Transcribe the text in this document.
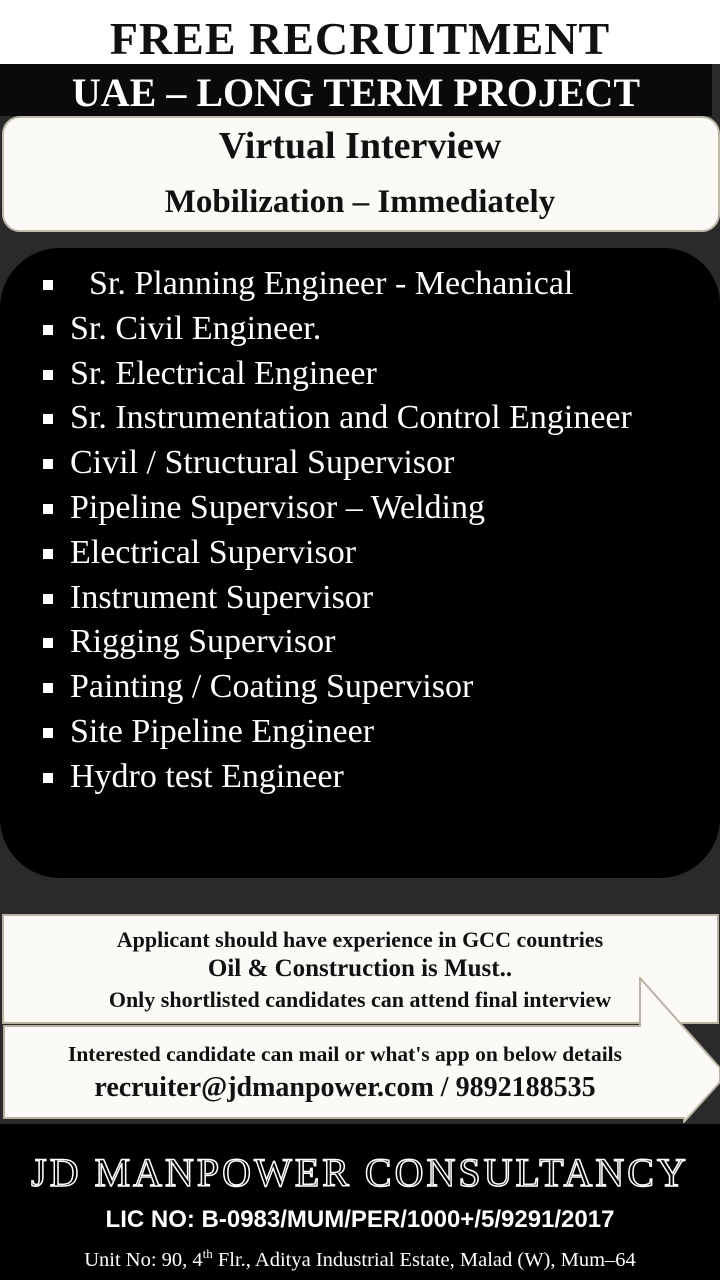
FREE RECRUITMENT
UAE – LONG TERM PROJECT
Virtual Interview
Mobilization – Immediately
Sr. Planning Engineer - Mechanical
Sr. Civil Engineer.
Sr. Electrical Engineer
Sr. Instrumentation and Control Engineer
Civil / Structural Supervisor
Pipeline Supervisor – Welding
Electrical Supervisor
Instrument Supervisor
Rigging Supervisor
Painting / Coating Supervisor
Site Pipeline Engineer
Hydro test Engineer
Applicant should have experience in GCC countries
Oil & Construction is Must..
Only shortlisted candidates can attend final interview
Interested candidate can mail or what's app on below details
recruiter@jdmanpower.com / 9892188535
JD MANPOWER CONSULTANCY
LIC NO: B-0983/MUM/PER/1000+/5/9291/2017
Unit No: 90, 4th Flr., Aditya Industrial Estate, Malad (W), Mum–64
